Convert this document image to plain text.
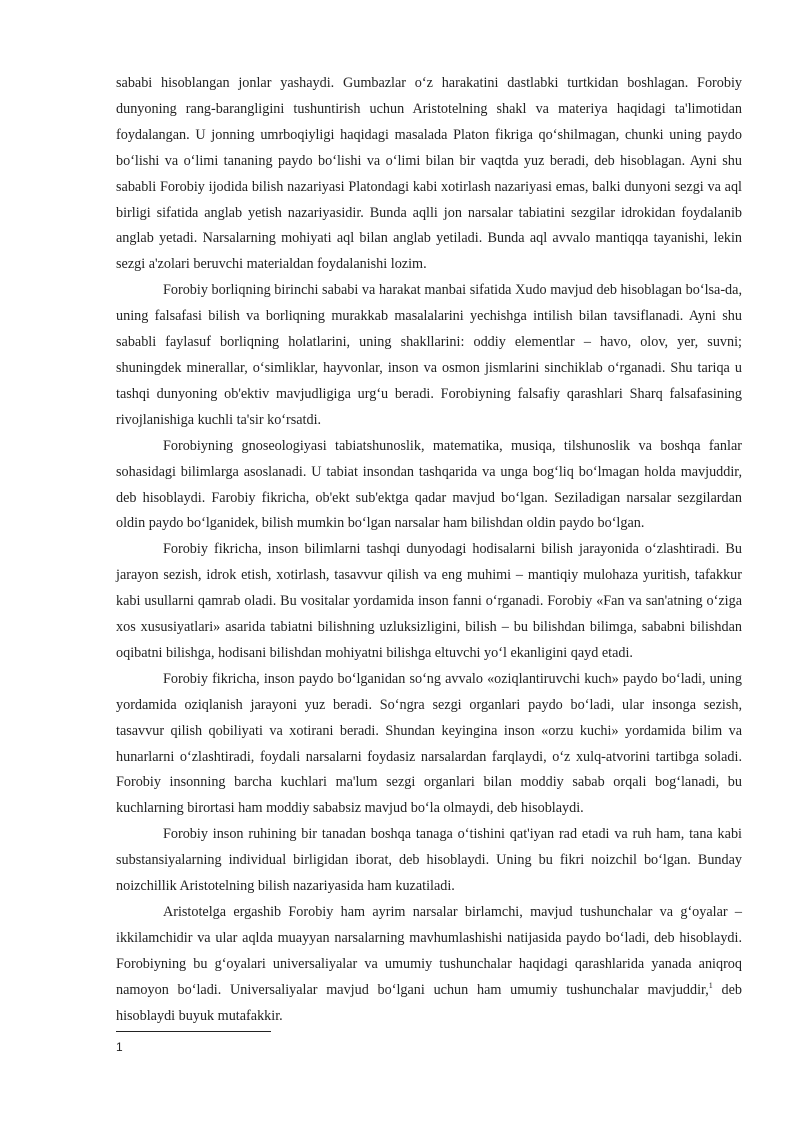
sababi hisoblangan jonlar yashaydi. Gumbazlar o‘z harakatini dastlabki turtkidan boshlagan. Forobiy dunyoning rang-barangligini tushuntirish uchun Aristotelning shakl va materiya haqidagi ta'limotidan foydalangan. U jonning umrboqiyligi haqidagi masalada Platon fikriga qo‘shilmagan, chunki uning paydo bo‘lishi va o‘limi tananing paydo bo‘lishi va o‘limi bilan bir vaqtda yuz beradi, deb hisoblagan. Ayni shu sababli Forobiy ijodida bilish nazariyasi Platondagi kabi xotirlash nazariyasi emas, balki dunyoni sezgi va aql birligi sifatida anglab yetish nazariyasidir. Bunda aqlli jon narsalar tabiatini sezgilar idrokidan foydalanib anglab yetadi. Narsalarning mohiyati aql bilan anglab yetiladi. Bunda aql avvalo mantiqqa tayanishi, lekin sezgi a'zolari beruvchi materialdan foydalanishi lozim.

Forobiy borliqning birinchi sababi va harakat manbai sifatida Xudo mavjud deb hisoblagan bo‘lsa-da, uning falsafasi bilish va borliqning murakkab masalalarini yechishga intilish bilan tavsiflanadi. Ayni shu sababli faylasuf borliqning holatlarini, uning shakllarini: oddiy elementlar – havo, olov, yer, suvni; shuningdek minerallar, o‘simliklar, hayvonlar, inson va osmon jismlarini sinchiklab o‘rganadi. Shu tariqa u tashqi dunyoning ob'ektiv mavjudligiga urg‘u beradi. Forobiyning falsafiy qarashlari Sharq falsafasining rivojlanishiga kuchli ta'sir ko‘rsatdi.

Forobiyning gnoseologiyasi tabiatshunoslik, matematika, musiqa, tilshunoslik va boshqa fanlar sohasidagi bilimlarga asoslanadi. U tabiat insondan tashqarida va unga bog‘liq bo‘lmagan holda mavjuddir, deb hisoblaydi. Farobiy fikricha, ob'ekt sub'ektga qadar mavjud bo‘lgan. Seziladigan narsalar sezgilardan oldin paydo bo‘lganidek, bilish mumkin bo‘lgan narsalar ham bilishdan oldin paydo bo‘lgan.

Forobiy fikricha, inson bilimlarni tashqi dunyodagi hodisalarni bilish jarayonida o‘zlashtiradi. Bu jarayon sezish, idrok etish, xotirlash, tasavvur qilish va eng muhimi – mantiqiy mulohaza yuritish, tafakkur kabi usullarni qamrab oladi. Bu vositalar yordamida inson fanni o‘rganadi. Forobiy «Fan va san'atning o‘ziga xos xususiyatlari» asarida tabiatni bilishning uzluksizligini, bilish – bu bilishdan bilimga, sababni bilishdan oqibatni bilishga, hodisani bilishdan mohiyatni bilishga eltuvchi yo‘l ekanligini qayd etadi.

Forobiy fikricha, inson paydo bo‘lganidan so‘ng avvalo «oziqlantiruvchi kuch» paydo bo‘ladi, uning yordamida oziqlanish jarayoni yuz beradi. So‘ngra sezgi organlari paydo bo‘ladi, ular insonga sezish, tasavvur qilish qobiliyati va xotirani beradi. Shundan keyingina inson «orzu kuchi» yordamida bilim va hunarlarni o‘zlashtiradi, foydali narsalarni foydasiz narsalardan farqlaydi, o‘z xulq-atvorini tartibga soladi. Forobiy insonning barcha kuchlari ma'lum sezgi organlari bilan moddiy sabab orqali bog‘lanadi, bu kuchlarning birortasi ham moddiy sababsiz mavjud bo‘la olmaydi, deb hisoblaydi.

Forobiy inson ruhining bir tanadan boshqa tanaga o‘tishini qat'iyan rad etadi va ruh ham, tana kabi substansiyalarning individual birligidan iborat, deb hisoblaydi. Uning bu fikri noizchil bo‘lgan. Bunday noizchillik Aristotelning bilish nazariyasida ham kuzatiladi.

Aristotelga ergashib Forobiy ham ayrim narsalar birlamchi, mavjud tushunchalar va g‘oyalar – ikkilamchidir va ular aqlda muayyan narsalarning mavhumlashishi natijasida paydo bo‘ladi, deb hisoblaydi. Forobiyning bu g‘oyalari universaliyalar va umumiy tushunchalar haqidagi qarashlarida yanada aniqroq namoyon bo‘ladi. Universaliyalar mavjud bo‘lgani uchun ham umumiy tushunchalar mavjuddir,$^1$ deb hisoblaydi buyuk mutafakkir.

1
